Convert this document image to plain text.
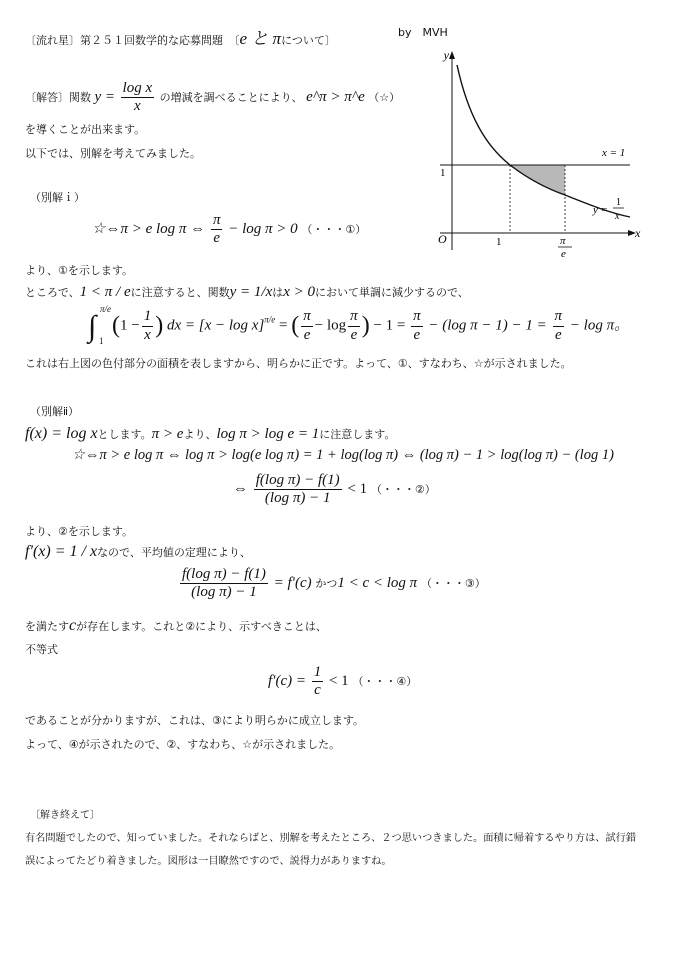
〔流れ星〕第２５１回数学的な応募問題　〔e と πについて〕
by　MVH
y
x
O
x = 1
1
1	π
e
y =
1
x
〔解答〕関数 $y = \frac{\text{log x}}{x}$ の増減を調べることにより、 e^π > π^e （☆）
を導くことが出来ます。
以下では、別解を考えてみました。
（別解ｉ）
☆⇔π > e log π ⇔ $\frac{\pi}{e} - \log \pi > 0$ （・・・①）
より、①を示します。
ところで、1 < π / eに注意すると、関数y = 1/xはx > 0において単調に減少するので、
∫
π/e
1
($1 - \frac{1}{x}$ ) dx = $[x - \log x]^{\pi/e}$ = ( $\frac{\pi}{e} - \log \frac{\pi}{e}$ ) − $1 = \frac{\pi}{e} - (\log$ $\pi - 1) - 1 = \frac{\pi}{e} - \log \pi$。
これは右上図の色付部分の面積を表しますから、明らかに正です。よって、①、すなわち、☆が示されました。
（別解ⅱ）
f(x) = log xとします。π > eより、log π > log e = 1に注意します。
☆⇔π > e log π ⇔ log π > log(e log π) = 1 + log(log π) ⇔ (log π) − 1 > log(log π) − (log 1)
⇔ $\frac{\text{f(log π) − f(1)}}{\text{(log π) − 1}} < 1$ （・・・②）
より、②を示します。
f′(x) = 1 / xなので、平均値の定理により、
$\frac{\text{f(log π) − f(1)}}{\text{(log π) − 1}} = f'(c)$ かつ1 < c < log π （・・・③）
を満たすcが存在します。これと②により、示すべきことは、
不等式
$f'(c) = \frac{1}{c} < 1$ （・・・④）
であることが分かりますが、これは、③により明らかに成立します。
よって、④が示されたので、②、すなわち、☆が示されました。
〔解き終えて〕
有名問題でしたので、知っていました。それならばと、別解を考えたところ、２つ思いつきました。面積に帰着するやり方は、試行錯
誤によってたどり着きました。図形は一目瞭然ですので、説得力がありますね。
